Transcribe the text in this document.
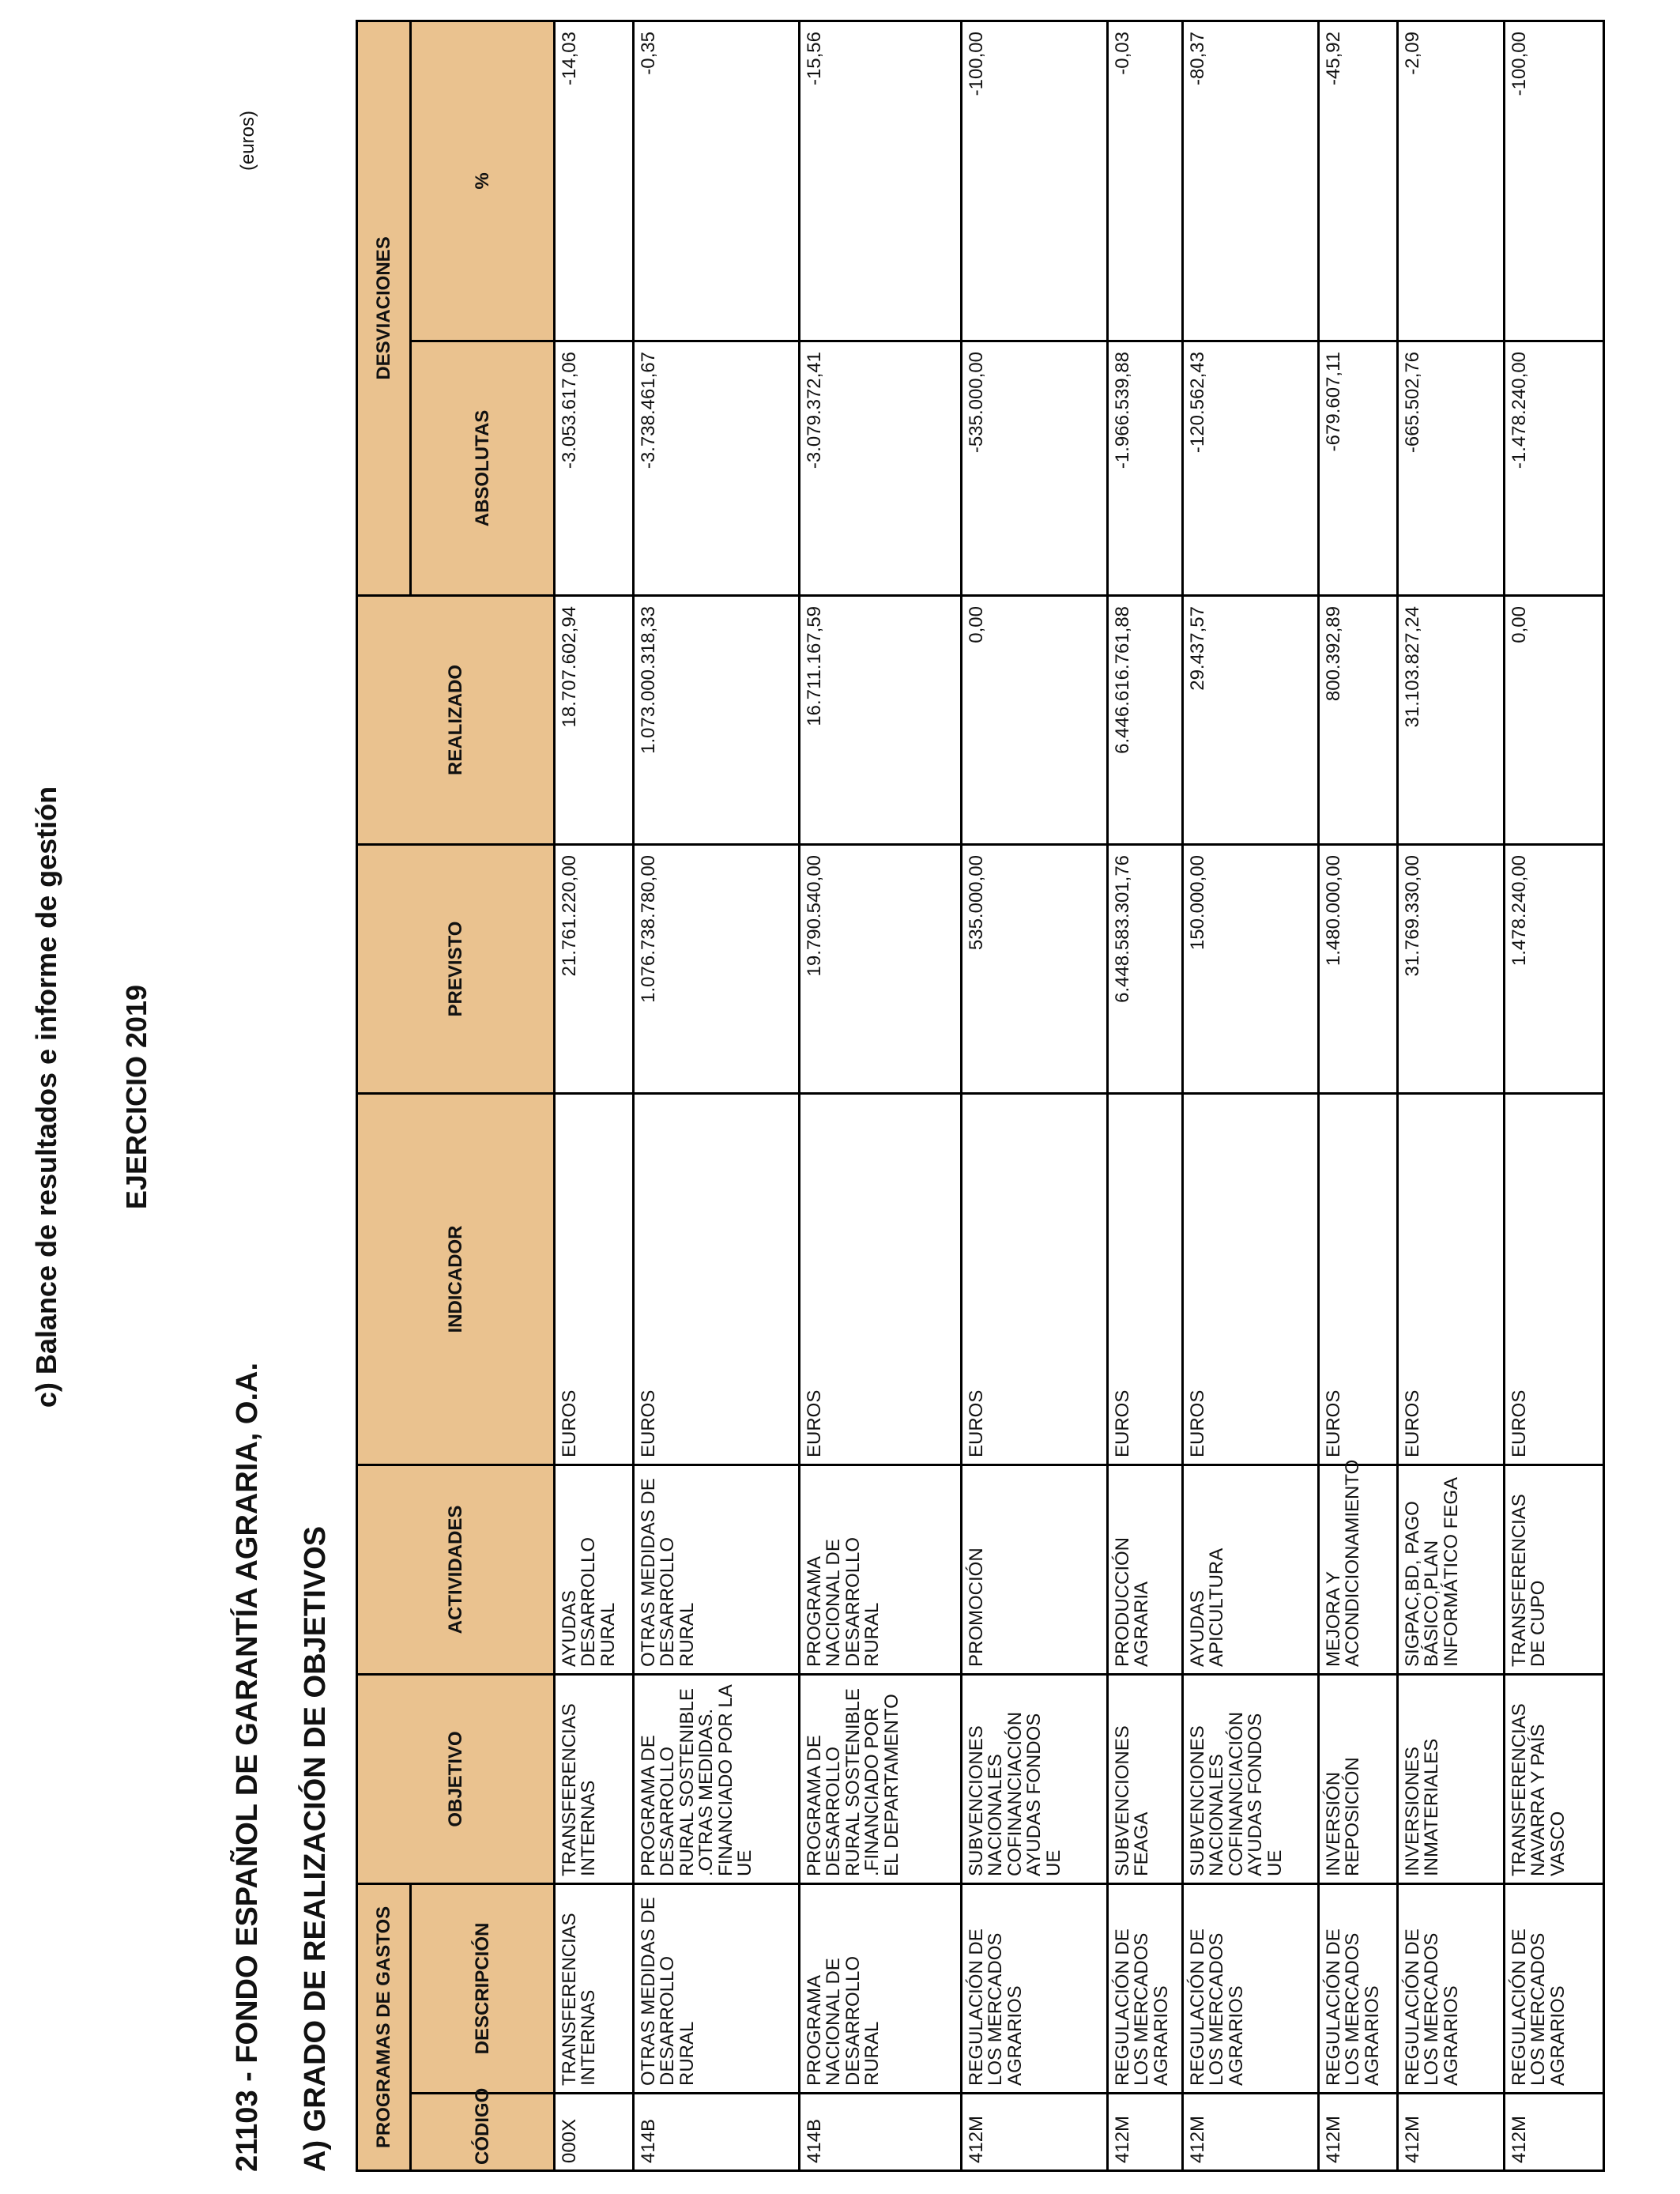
c) Balance de resultados e informe de gestión EJERCICIO 2019
21103 - FONDO ESPAÑOL DE GARANTÍA AGRARIA, O.A. A) GRADO DE REALIZACIÓN DE OBJETIVOS
(euros)
PROGRAMAS DE GASTOS		OBJETIVO	ACTIVIDADES	INDICADOR	PREVISTO	REALIZADO	DESVIACIONES	
CÓDIGO	DESCRIPCIÓN						ABSOLUTAS	%
000X	TRANSFERENCIAS INTERNAS	TRANSFERENCIAS INTERNAS	AYUDAS DESARROLLO RURAL	EUROS	21.761.220,00	18.707.602,94	-3.053.617,06	-14,03
414B	OTRAS MEDIDAS DE DESARROLLO RURAL	PROGRAMA DE DESARROLLO RURAL SOSTENIBLE .OTRAS MEDIDAS. FINANCIADO POR LA UE	OTRAS MEDIDAS DE DESARROLLO RURAL	EUROS	1.076.738.780,00	1.073.000.318,33	-3.738.461,67	-0,35
414B	PROGRAMA NACIONAL DE DESARROLLO RURAL	PROGRAMA DE DESARROLLO RURAL SOSTENIBLE .FINANCIADO POR EL DEPARTAMENTO	PROGRAMA NACIONAL DE DESARROLLO RURAL	EUROS	19.790.540,00	16.711.167,59	-3.079.372,41	-15,56
412M	REGULACIÓN DE LOS MERCADOS AGRARIOS	SUBVENCIONES NACIONALES COFINANCIACIÓN AYUDAS FONDOS UE	PROMOCIÓN	EUROS	535.000,00	0,00	-535.000,00	-100,00
412M	REGULACIÓN DE LOS MERCADOS AGRARIOS	SUBVENCIONES FEAGA	PRODUCCIÓN AGRARIA	EUROS	6.448.583.301,76	6.446.616.761,88	-1.966.539,88	-0,03
412M	REGULACIÓN DE LOS MERCADOS AGRARIOS	SUBVENCIONES NACIONALES COFINANCIACIÓN AYUDAS FONDOS UE	AYUDAS APICULTURA	EUROS	150.000,00	29.437,57	-120.562,43	-80,37
412M	REGULACIÓN DE LOS MERCADOS AGRARIOS	INVERSIÓN REPOSICIÓN	MEJORA Y ACONDICIONAMIENTO	EUROS	1.480.000,00	800.392,89	-679.607,11	-45,92
412M	REGULACIÓN DE LOS MERCADOS AGRARIOS	INVERSIONES INMATERIALES	SIGPAC,BD, PAGO BÁSICO,PLAN INFORMÁTICO FEGA	EUROS	31.769.330,00	31.103.827,24	-665.502,76	-2,09
412M	REGULACIÓN DE LOS MERCADOS AGRARIOS	TRANSFERENCIAS NAVARRA Y PAÍS VASCO	TRANSFERENCIAS DE CUPO	EUROS	1.478.240,00	0,00	-1.478.240,00	-100,00
